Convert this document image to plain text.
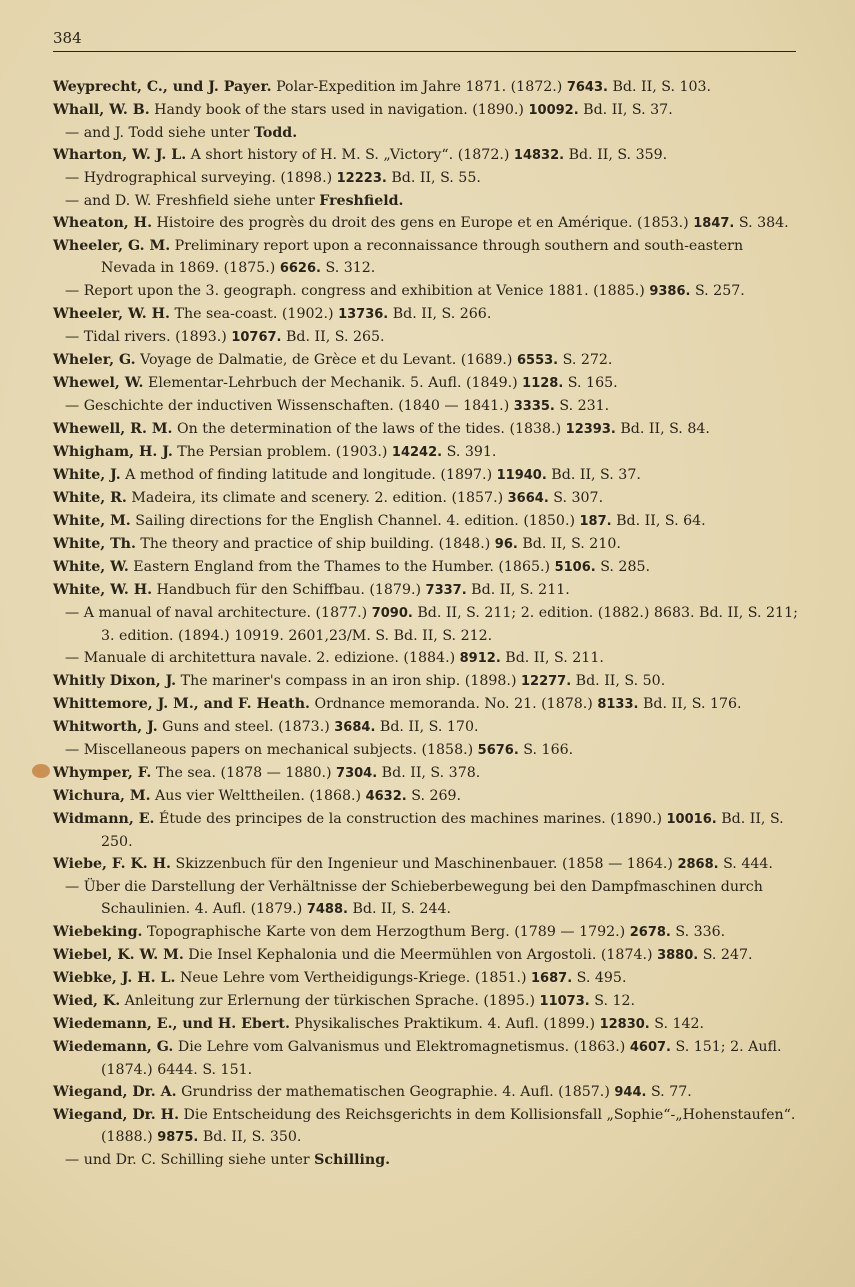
384
Weyprecht, C., und J. Payer. Polar-Expedition im Jahre 1871. (1872.) 7643. Bd. II, S. 103.
Whall, W. B. Handy book of the stars used in navigation. (1890.) 10092. Bd. II, S. 37.
— and J. Todd siehe unter Todd.
Wharton, W. J. L. A short history of H. M. S. „Victory“. (1872.) 14832. Bd. II, S. 359.
— Hydrographical surveying. (1898.) 12223. Bd. II, S. 55.
— and D. W. Freshfield siehe unter Freshfield.
Wheaton, H. Histoire des progrès du droit des gens en Europe et en Amérique. (1853.) 1847. S. 384.
Wheeler, G. M. Preliminary report upon a reconnaissance through southern and south-eastern Nevada in 1869. (1875.) 6626. S. 312.
— Report upon the 3. geograph. congress and exhibition at Venice 1881. (1885.) 9386. S. 257.
Wheeler, W. H. The sea-coast. (1902.) 13736. Bd. II, S. 266.
— Tidal rivers. (1893.) 10767. Bd. II, S. 265.
Wheler, G. Voyage de Dalmatie, de Grèce et du Levant. (1689.) 6553. S. 272.
Whewel, W. Elementar-Lehrbuch der Mechanik. 5. Aufl. (1849.) 1128. S. 165.
— Geschichte der inductiven Wissenschaften. (1840 — 1841.) 3335. S. 231.
Whewell, R. M. On the determination of the laws of the tides. (1838.) 12393. Bd. II, S. 84.
Whigham, H. J. The Persian problem. (1903.) 14242. S. 391.
White, J. A method of finding latitude and longitude. (1897.) 11940. Bd. II, S. 37.
White, R. Madeira, its climate and scenery. 2. edition. (1857.) 3664. S. 307.
White, M. Sailing directions for the English Channel. 4. edition. (1850.) 187. Bd. II, S. 64.
White, Th. The theory and practice of ship building. (1848.) 96. Bd. II, S. 210.
White, W. Eastern England from the Thames to the Humber. (1865.) 5106. S. 285.
White, W. H. Handbuch für den Schiffbau. (1879.) 7337. Bd. II, S. 211.
— A manual of naval architecture. (1877.) 7090. Bd. II, S. 211; 2. edition. (1882.) 8683. Bd. II, S. 211; 3. edition. (1894.) 10919. 2601,23/M. S. Bd. II, S. 212.
— Manuale di architettura navale. 2. edizione. (1884.) 8912. Bd. II, S. 211.
Whitly Dixon, J. The mariner's compass in an iron ship. (1898.) 12277. Bd. II, S. 50.
Whittemore, J. M., and F. Heath. Ordnance memoranda. No. 21. (1878.) 8133. Bd. II, S. 176.
Whitworth, J. Guns and steel. (1873.) 3684. Bd. II, S. 170.
— Miscellaneous papers on mechanical subjects. (1858.) 5676. S. 166.
Whymper, F. The sea. (1878 — 1880.) 7304. Bd. II, S. 378.
Wichura, M. Aus vier Welttheilen. (1868.) 4632. S. 269.
Widmann, E. Étude des principes de la construction des machines marines. (1890.) 10016. Bd. II, S. 250.
Wiebe, F. K. H. Skizzenbuch für den Ingenieur und Maschinenbauer. (1858 — 1864.) 2868. S. 444.
— Über die Darstellung der Verhältnisse der Schieberbewegung bei den Dampfmaschinen durch Schaulinien. 4. Aufl. (1879.) 7488. Bd. II, S. 244.
Wiebeking. Topographische Karte von dem Herzogthum Berg. (1789 — 1792.) 2678. S. 336.
Wiebel, K. W. M. Die Insel Kephalonia und die Meermühlen von Argostoli. (1874.) 3880. S. 247.
Wiebke, J. H. L. Neue Lehre vom Vertheidigungs-Kriege. (1851.) 1687. S. 495.
Wied, K. Anleitung zur Erlernung der türkischen Sprache. (1895.) 11073. S. 12.
Wiedemann, E., und H. Ebert. Physikalisches Praktikum. 4. Aufl. (1899.) 12830. S. 142.
Wiedemann, G. Die Lehre vom Galvanismus und Elektromagnetismus. (1863.) 4607. S. 151; 2. Aufl. (1874.) 6444. S. 151.
Wiegand, Dr. A. Grundriss der mathematischen Geographie. 4. Aufl. (1857.) 944. S. 77.
Wiegand, Dr. H. Die Entscheidung des Reichsgerichts in dem Kollisionsfall „Sophie“-„Hohenstaufen“. (1888.) 9875. Bd. II, S. 350.
— und Dr. C. Schilling siehe unter Schilling.
